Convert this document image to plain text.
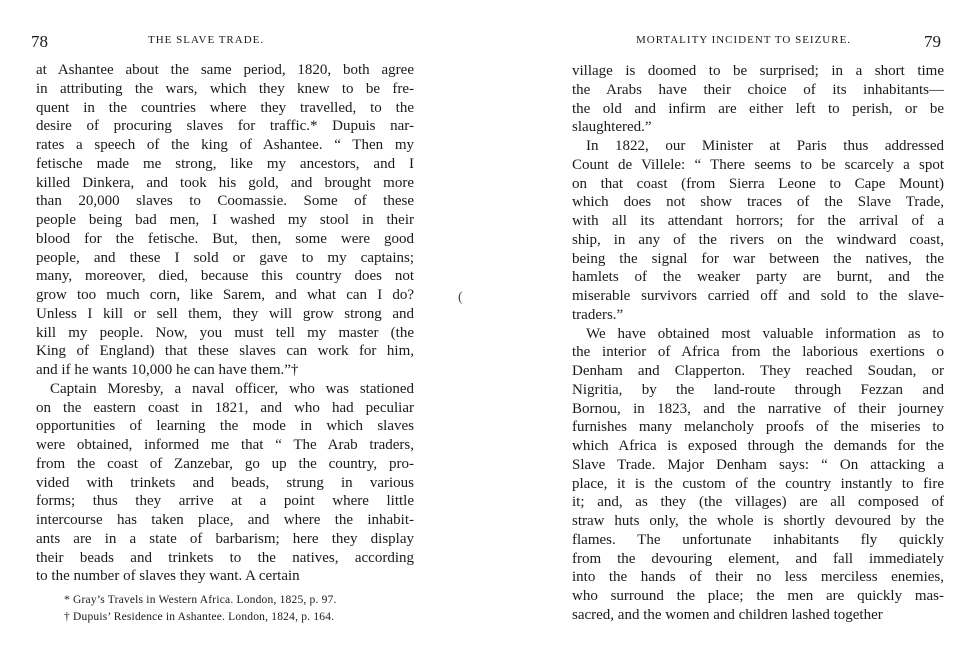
78	THE SLAVE TRADE.
at Ashantee about the same period, 1820, both agree
in attributing the wars, which they knew to be fre-
quent in the countries where they travelled, to the
desire of procuring slaves for traffic.* Dupuis nar-
rates a speech of the king of Ashantee. “ Then my
fetische made me strong, like my ancestors, and I
killed Dinkera, and took his gold, and brought more
than 20,000 slaves to Coomassie. Some of these
people being bad men, I washed my stool in their
blood for the fetische. But, then, some were good
people, and these I sold or gave to my captains;
many, moreover, died, because this country does not
grow too much corn, like Sarem, and what can I do?
Unless I kill or sell them, they will grow strong and
kill my people. Now, you must tell my master (the
King of England) that these slaves can work for him,
and if he wants 10,000 he can have them.”†
Captain Moresby, a naval officer, who was stationed
on the eastern coast in 1821, and who had peculiar
opportunities of learning the mode in which slaves
were obtained, informed me that “ The Arab traders,
from the coast of Zanzebar, go up the country, pro-
vided with trinkets and beads, strung in various
forms; thus they arrive at a point where little
intercourse has taken place, and where the inhabit-
ants are in a state of barbarism; here they display
their beads and trinkets to the natives, according
to the number of slaves they want. A certain
* Gray’s Travels in Western Africa. London, 1825, p. 97.
† Dupuis’ Residence in Ashantee. London, 1824, p. 164.
MORTALITY INCIDENT TO SEIZURE.	79
village is doomed to be surprised; in a short time
the Arabs have their choice of its inhabitants—
the old and infirm are either left to perish, or be
slaughtered.”
In 1822, our Minister at Paris thus addressed
Count de Villele: “ There seems to be scarcely a spot
on that coast (from Sierra Leone to Cape Mount)
which does not show traces of the Slave Trade,
with all its attendant horrors; for the arrival of a
ship, in any of the rivers on the windward coast,
being the signal for war between the natives, the
hamlets of the weaker party are burnt, and the
miserable survivors carried off and sold to the slave-
traders.”
We have obtained most valuable information as to
the interior of Africa from the laborious exertions o
Denham and Clapperton. They reached Soudan, or
Nigritia, by the land-route through Fezzan and
Bornou, in 1823, and the narrative of their journey
furnishes many melancholy proofs of the miseries to
which Africa is exposed through the demands for the
Slave Trade. Major Denham says: “ On attacking a
place, it is the custom of the country instantly to fire
it; and, as they (the villages) are all composed of
straw huts only, the whole is shortly devoured by the
flames. The unfortunate inhabitants fly quickly
from the devouring element, and fall immediately
into the hands of their no less merciless enemies,
who surround the place; the men are quickly mas-
sacred, and the women and children lashed together
(
